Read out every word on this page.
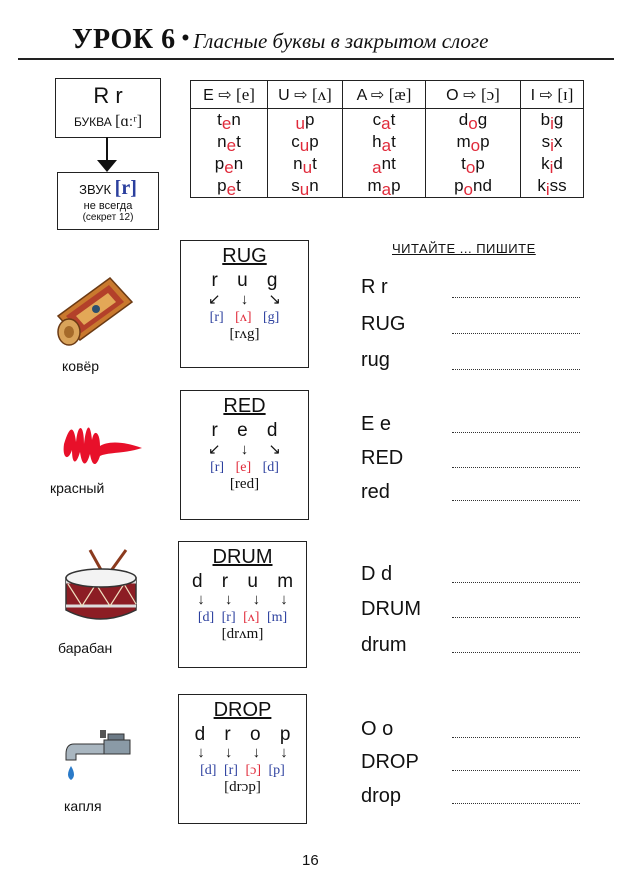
УРОК 6 • Гласные буквы в закрытом слоге
R r
БУКВА [ɑːʳ]
ЗВУК [r]
не всегда
(секрет 12)
E ⇨ [e]	U ⇨ [ʌ]	A ⇨ [æ]	O ⇨ [ɔ]	I ⇨ [ɪ]
ten	up	cat	dog	big
net	cup	hat	mop	six
pen	nut	ant	top	kid
pet	sun	map	pond	kiss
ЧИТАЙТЕ ... ПИШИТЕ
ковёр
RUG
r u g
↙ ↓ ↘
[r] [ʌ] [g]
[rʌg]
R r
RUG
rug
красный
RED
r e d
↙ ↓ ↘
[r] [e] [d]
[red]
E e
RED
red
барабан
DRUM
d r u m
↓ ↓ ↓ ↓
[d] [r] [ʌ] [m]
[drʌm]
D d
DRUM
drum
капля
DROP
d r o p
↓ ↓ ↓ ↓
[d] [r] [ɔ] [p]
[drɔp]
O o
DROP
drop
16
